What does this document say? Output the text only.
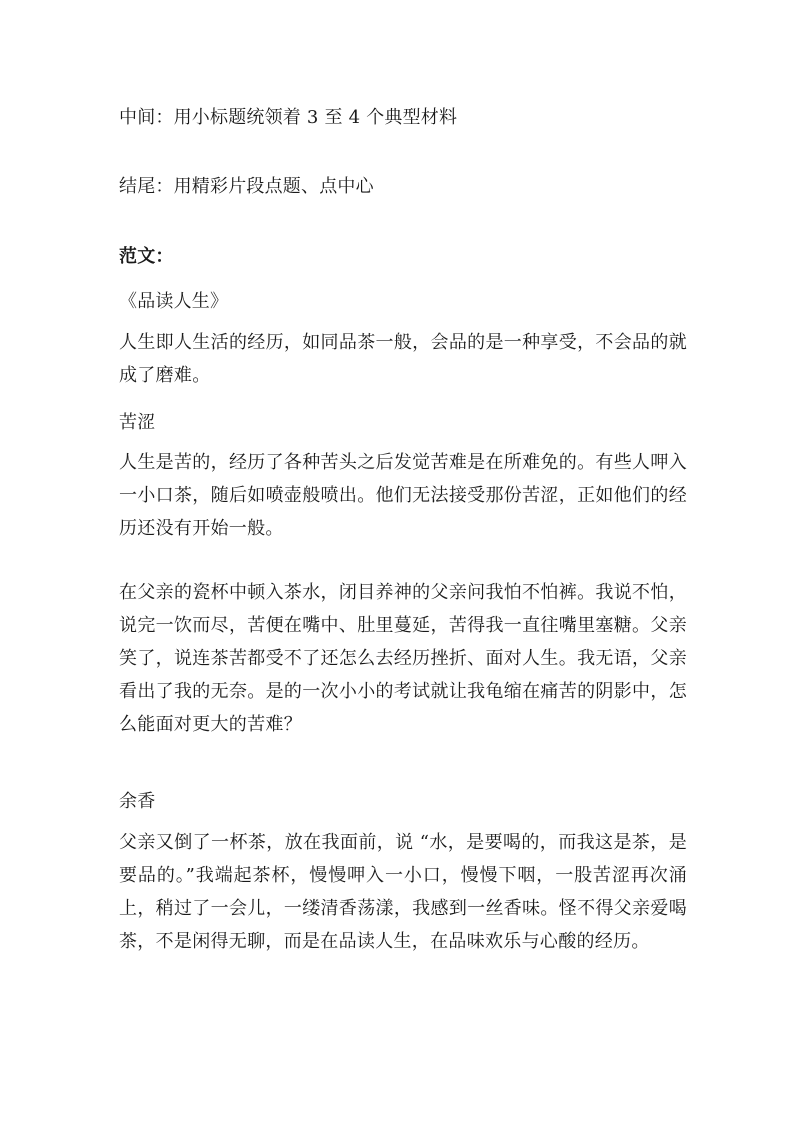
中间：用小标题统领着 3 至 4 个典型材料
结尾：用精彩片段点题、点中心
范文：
《品读人生》
人生即人生活的经历，如同品茶一般，会品的是一种享受，不会品的就成了磨难。
苦涩
人生是苦的，经历了各种苦头之后发觉苦难是在所难免的。有些人呷入一小口茶，随后如喷壶般喷出。他们无法接受那份苦涩，正如他们的经历还没有开始一般。
在父亲的瓷杯中顿入茶水，闭目养神的父亲问我怕不怕裤。我说不怕，说完一饮而尽，苦便在嘴中、肚里蔓延，苦得我一直往嘴里塞糖。父亲笑了，说连茶苦都受不了还怎么去经历挫折、面对人生。我无语，父亲看出了我的无奈。是的一次小小的考试就让我龟缩在痛苦的阴影中，怎么能面对更大的苦难？
余香
父亲又倒了一杯茶，放在我面前，说 “水，是要喝的，而我这是茶，是要品的。”我端起茶杯，慢慢呷入一小口，慢慢下咽，一股苦涩再次涌上，稍过了一会儿，一缕清香荡漾，我感到一丝香味。怪不得父亲爱喝茶，不是闲得无聊，而是在品读人生，在品味欢乐与心酸的经历。
